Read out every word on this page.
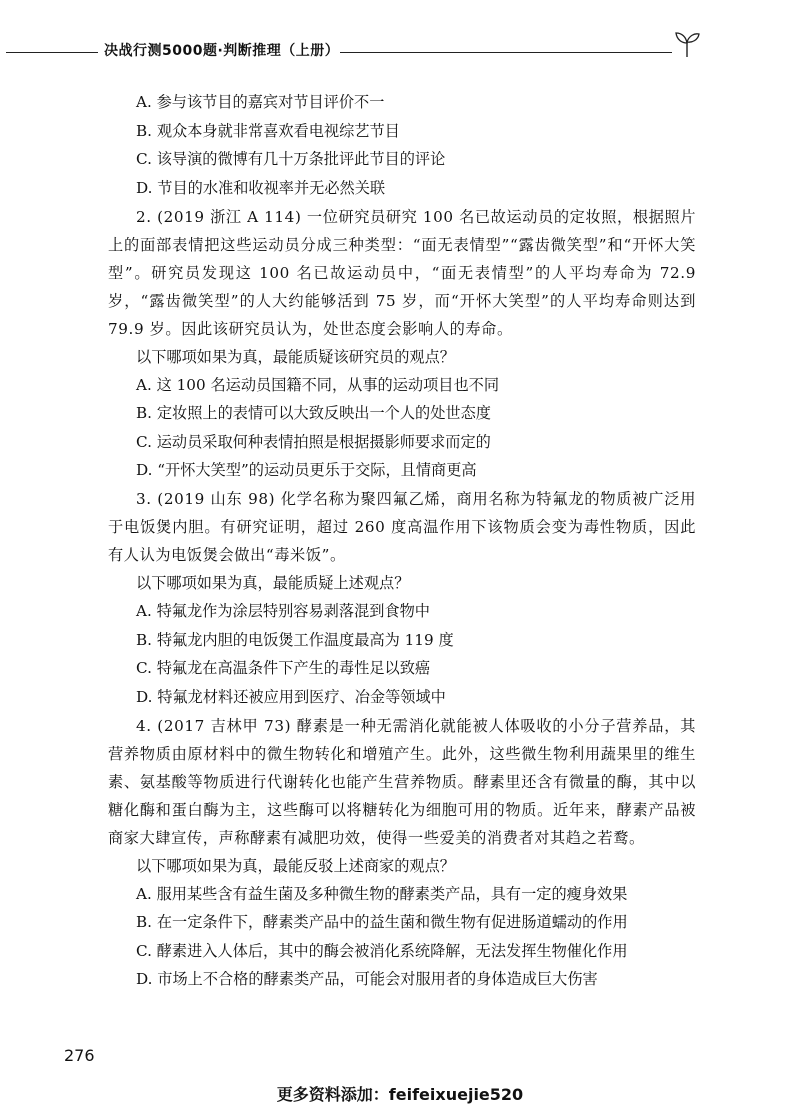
决战行测5000题·判断推理（上册）
A. 参与该节目的嘉宾对节目评价不一
B. 观众本身就非常喜欢看电视综艺节目
C. 该导演的微博有几十万条批评此节目的评论
D. 节目的水准和收视率并无必然关联

2. (2019 浙江 A 114) 一位研究员研究 100 名已故运动员的定妆照，根据照片上的面部表情把这些运动员分成三种类型：“面无表情型”“露齿微笑型”和“开怀大笑型”。研究员发现这 100 名已故运动员中，“面无表情型”的人平均寿命为 72.9 岁，“露齿微笑型”的人大约能够活到 75 岁，而“开怀大笑型”的人平均寿命则达到 79.9 岁。因此该研究员认为，处世态度会影响人的寿命。

以下哪项如果为真，最能质疑该研究员的观点？

A. 这 100 名运动员国籍不同，从事的运动项目也不同
B. 定妆照上的表情可以大致反映出一个人的处世态度
C. 运动员采取何种表情拍照是根据摄影师要求而定的
D. “开怀大笑型”的运动员更乐于交际，且情商更高

3. (2019 山东 98) 化学名称为聚四氟乙烯，商用名称为特氟龙的物质被广泛用于电饭煲内胆。有研究证明，超过 260 度高温作用下该物质会变为毒性物质，因此有人认为电饭煲会做出“毒米饭”。

以下哪项如果为真，最能质疑上述观点？

A. 特氟龙作为涂层特别容易剥落混到食物中
B. 特氟龙内胆的电饭煲工作温度最高为 119 度
C. 特氟龙在高温条件下产生的毒性足以致癌
D. 特氟龙材料还被应用到医疗、冶金等领域中

4. (2017 吉林甲 73) 酵素是一种无需消化就能被人体吸收的小分子营养品，其营养物质由原材料中的微生物转化和增殖产生。此外，这些微生物利用蔬果里的维生素、氨基酸等物质进行代谢转化也能产生营养物质。酵素里还含有微量的酶，其中以糖化酶和蛋白酶为主，这些酶可以将糖转化为细胞可用的物质。近年来，酵素产品被商家大肆宣传，声称酵素有减肥功效，使得一些爱美的消费者对其趋之若鹜。

以下哪项如果为真，最能反驳上述商家的观点？

A. 服用某些含有益生菌及多种微生物的酵素类产品，具有一定的瘦身效果
B. 在一定条件下，酵素类产品中的益生菌和微生物有促进肠道蠕动的作用
C. 酵素进入人体后，其中的酶会被消化系统降解，无法发挥生物催化作用
D. 市场上不合格的酵素类产品，可能会对服用者的身体造成巨大伤害
276
更多资料添加：feifeixuejie520
